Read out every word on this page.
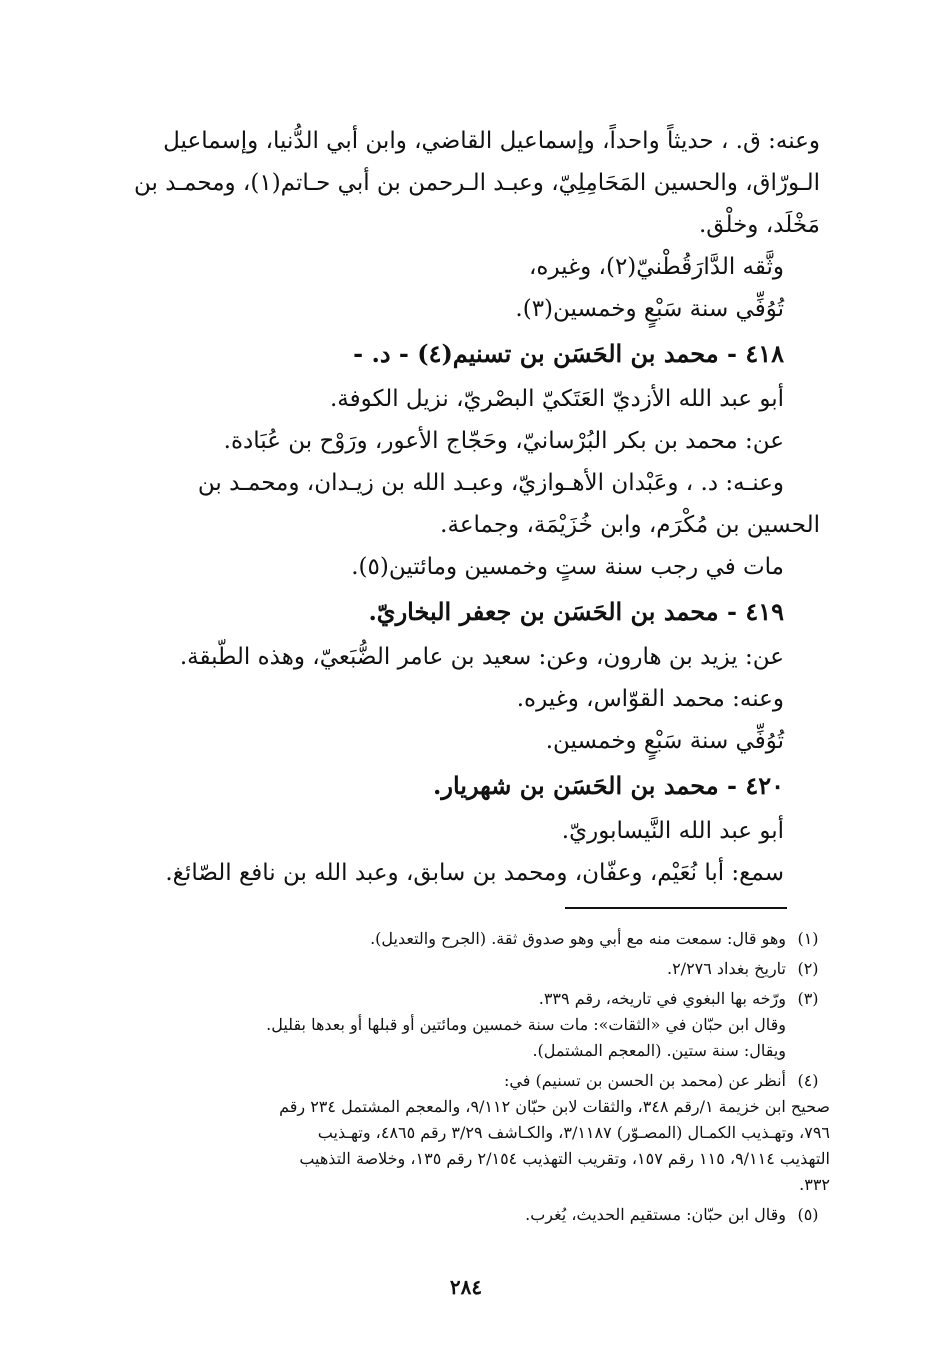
وعنه: ق. ، حديثاً واحداً، وإسماعيل القاضي، وابن أبي الدُّنيا، وإسماعيل
الـورّاق، والحسين المَحَامِلِيّ، وعبـد الـرحمن بن أبي حـاتم(١)، ومحمـد بن
مَخْلَد، وخلْق.
وثَّقه الدَّارَقُطْنيّ(٢)، وغيره،
تُوُفِّي سنة سَبْعٍ وخمسين(٣).
٤١٨ - محمد بن الحَسَن بن تسنيم(٤) - د. -
أبو عبد الله الأزديّ العَتَكيّ البصْريّ، نزيل الكوفة.
عن: محمد بن بكر البُرْسانيّ، وحَجّاج الأعور، ورَوْح بن عُبَادة.
وعنـه: د. ، وعَبْدان الأهـوازيّ، وعبـد الله بن زيـدان، ومحمـد بن
الحسين بن مُكْرَم، وابن خُزَيْمَة، وجماعة.
مات في رجب سنة ستٍ وخمسين ومائتين(٥).
٤١٩ - محمد بن الحَسَن بن جعفر البخاريّ.
عن: يزيد بن هارون، وعن: سعيد بن عامر الضُّبَعيّ، وهذه الطّبقة.
وعنه: محمد القوّاس، وغيره.
تُوُفِّي سنة سَبْعٍ وخمسين.
٤٢٠ - محمد بن الحَسَن بن شهريار.
أبو عبد الله النَّيسابوريّ.
سمع: أبا نُعَيْم، وعفّان، ومحمد بن سابق، وعبد الله بن نافع الصّائغ.
(١)
وهو قال: سمعت منه مع أبي وهو صدوق ثقة. (الجرح والتعديل).
(٢)
تاريخ بغداد ٢/٢٧٦.
(٣)
ورّخه بها البغوي في تاريخه، رقم ٣٣٩.
وقال ابن حبّان في «الثقات»: مات سنة خمسين ومائتين أو قبلها أو بعدها بقليل.
ويقال: سنة ستين. (المعجم المشتمل).
(٤)
أنظر عن (محمد بن الحسن بن تسنيم) في:
صحيح ابن خزيمة ١/رقم ٣٤٨، والثقات لابن حبّان ٩/١١٢، والمعجم المشتمل ٢٣٤ رقم
٧٩٦، وتهـذيب الكمـال (المصـوّر) ٣/١١٨٧، والكـاشف ٣/٢٩ رقم ٤٨٦٥، وتهـذيب
التهذيب ٩/١١٤، ١١٥ رقم ١٥٧، وتقريب التهذيب ٢/١٥٤ رقم ١٣٥، وخلاصة التذهيب
٣٣٢.
(٥)
وقال ابن حبّان: مستقيم الحديث، يُغرب.
٢٨٤
